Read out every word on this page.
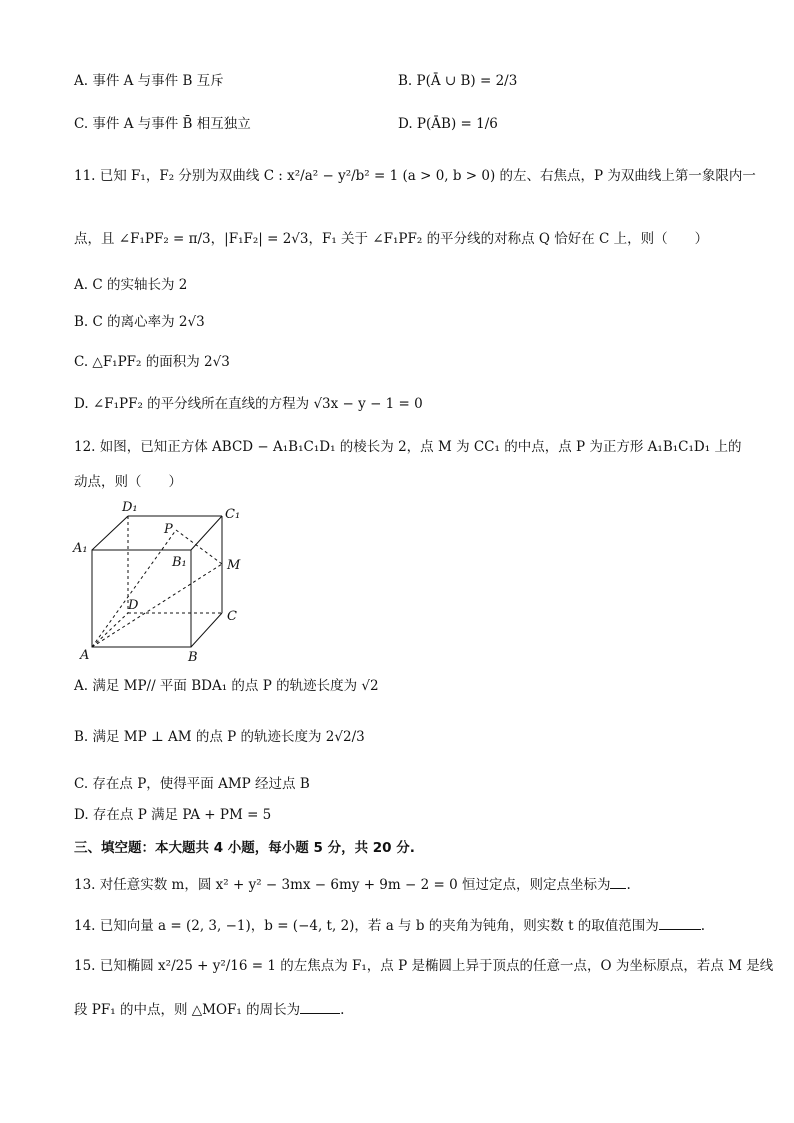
A. 事件 A 与事件 B 互斥	B. P(Ā ∪ B) = 2/3
C. 事件 A 与事件 B̄ 相互独立	D. P(ĀB) = 1/6
11. 已知 F₁，F₂ 分别为双曲线 C : x²/a² − y²/b² = 1 (a > 0, b > 0) 的左、右焦点，P 为双曲线上第一象限内一
点，且 ∠F₁PF₂ = π/3，|F₁F₂| = 2√3，F₁ 关于 ∠F₁PF₂ 的平分线的对称点 Q 恰好在 C 上，则（　　）
A. C 的实轴长为 2
B. C 的离心率为 2√3
C. △F₁PF₂ 的面积为 2√3
D. ∠F₁PF₂ 的平分线所在直线的方程为 √3x − y − 1 = 0
12. 如图，已知正方体 ABCD − A₁B₁C₁D₁ 的棱长为 2，点 M 为 CC₁ 的中点，点 P 为正方形 A₁B₁C₁D₁ 上的
动点，则（　　）
D₁	C₁
A₁
B₁
P
M
D
C
A	B
A. 满足 MP// 平面 BDA₁ 的点 P 的轨迹长度为 √2
B. 满足 MP ⊥ AM 的点 P 的轨迹长度为 2√2/3
C. 存在点 P，使得平面 AMP 经过点 B
D. 存在点 P 满足 PA + PM = 5
三、填空题：本大题共 4 小题，每小题 5 分，共 20 分.
13. 对任意实数 m，圆 x² + y² − 3mx − 6my + 9m − 2 = 0 恒过定点，则定点坐标为 .
14. 已知向量 a = (2, 3, −1)，b = (−4, t, 2)，若 a 与 b 的夹角为钝角，则实数 t 的取值范围为	.
15. 已知椭圆 x²/25 + y²/16 = 1 的左焦点为 F₁，点 P 是椭圆上异于顶点的任意一点，O 为坐标原点，若点 M 是线
段 PF₁ 的中点，则 △MOF₁ 的周长为	.
